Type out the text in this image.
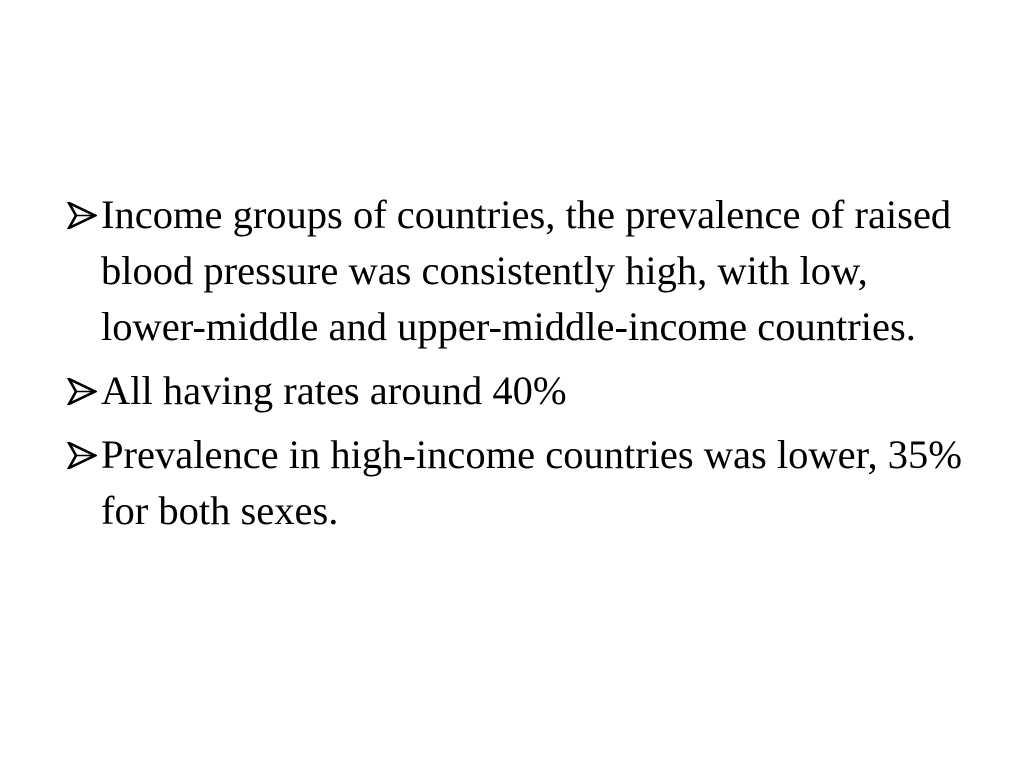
Income groups of countries, the prevalence of raised blood pressure was consistently high, with low, lower-middle and upper-middle-income countries.
All having rates around 40%
Prevalence in high-income countries was lower, 35% for both sexes.
